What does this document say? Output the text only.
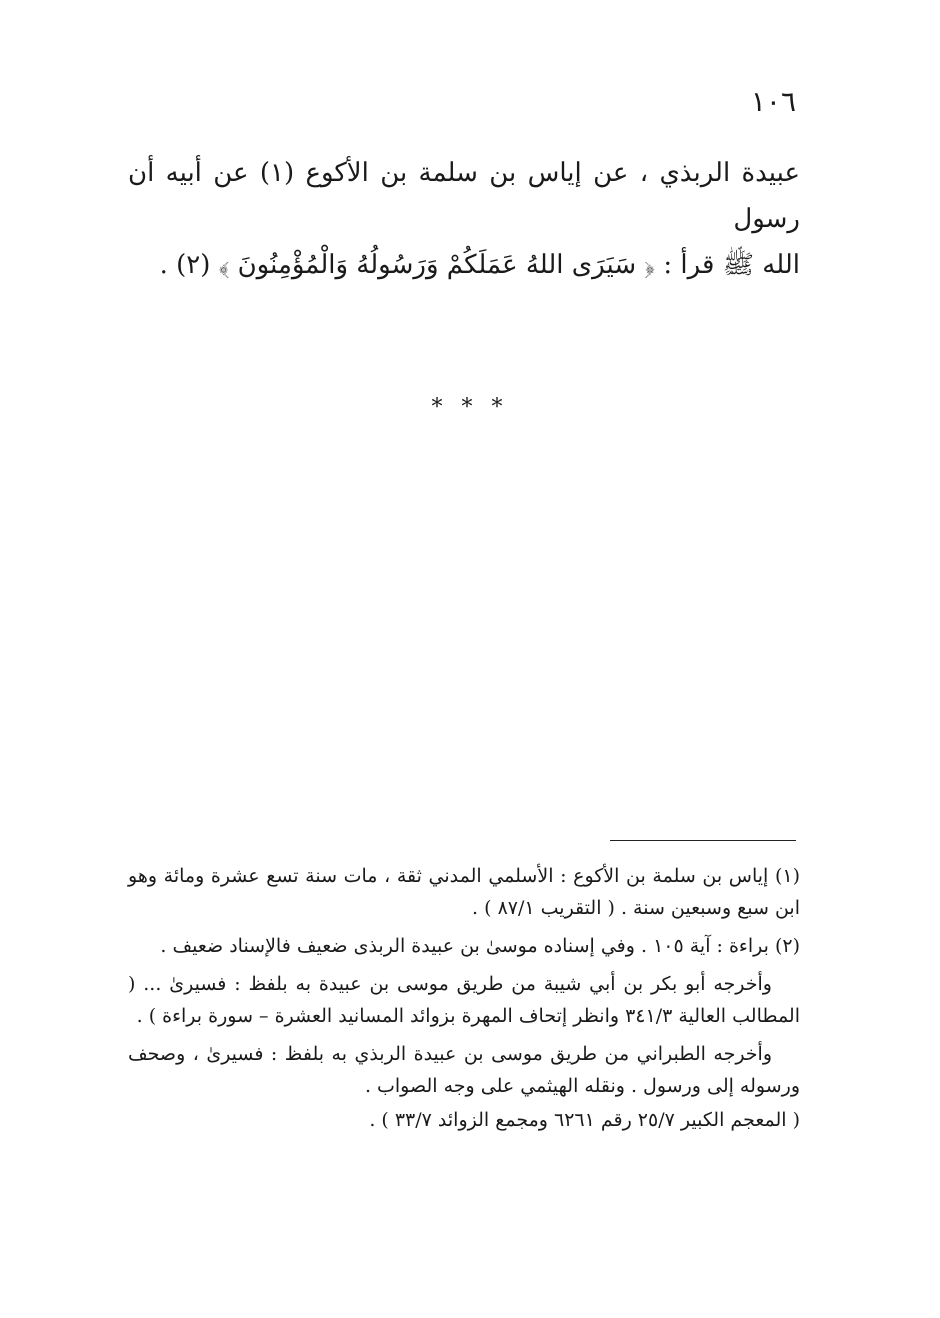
١٠٦

عبيدة الربذي ، عن إياس بن سلمة بن الأكوع (١) عن أبيه أن رسول

الله ﷺ قرأ : ﴿ سَيَرَى اللهُ عَمَلَكُمْ وَرَسُولُهُ وَالْمُؤْمِنُونَ ﴾ (٢) .

* * *

(١) إياس بن سلمة بن الأكوع : الأسلمي المدني ثقة ، مات سنة تسع عشرة ومائة وهو ابن سبع وسبعين سنة . ( التقريب ٨٧/١ ) .

(٢) براءة : آية ١٠٥ . وفي إسناده موسىٰ بن عبيدة الربذى ضعيف فالإسناد ضعيف .

وأخرجه أبو بكر بن أبي شيبة من طريق موسى بن عبيدة به بلفظ : فسيرىٰ ... ( المطالب العالية ٣٤١/٣ وانظر إتحاف المهرة بزوائد المسانيد العشرة – سورة براءة ) .

وأخرجه الطبراني من طريق موسى بن عبيدة الربذي به بلفظ : فسيرىٰ ، وصحف ورسوله إلى ورسول . ونقله الهيثمي على وجه الصواب .

( المعجم الكبير ٢٥/٧ رقم ٦٢٦١ ومجمع الزوائد ٣٣/٧ ) .
